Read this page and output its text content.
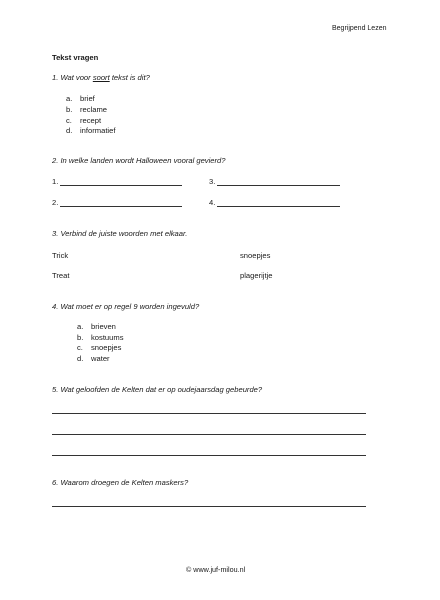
Begrijpend Lezen
Tekst vragen
1. Wat voor soort tekst is dit?
a. brief
b. reclame
c. recept
d. informatief
2. In welke landen wordt Halloween vooral gevierd?
1.	3.
2.	4.
3. Verbind de juiste woorden met elkaar.
Trick	snoepjes
Treat	plagerijtje
4. Wat moet er op regel 9 worden ingevuld?
a. brieven
b. kostuums
c. snoepjes
d. water
5. Wat geloofden de Kelten dat er op oudejaarsdag gebeurde?
6. Waarom droegen de Kelten maskers?
© www.juf-milou.nl
